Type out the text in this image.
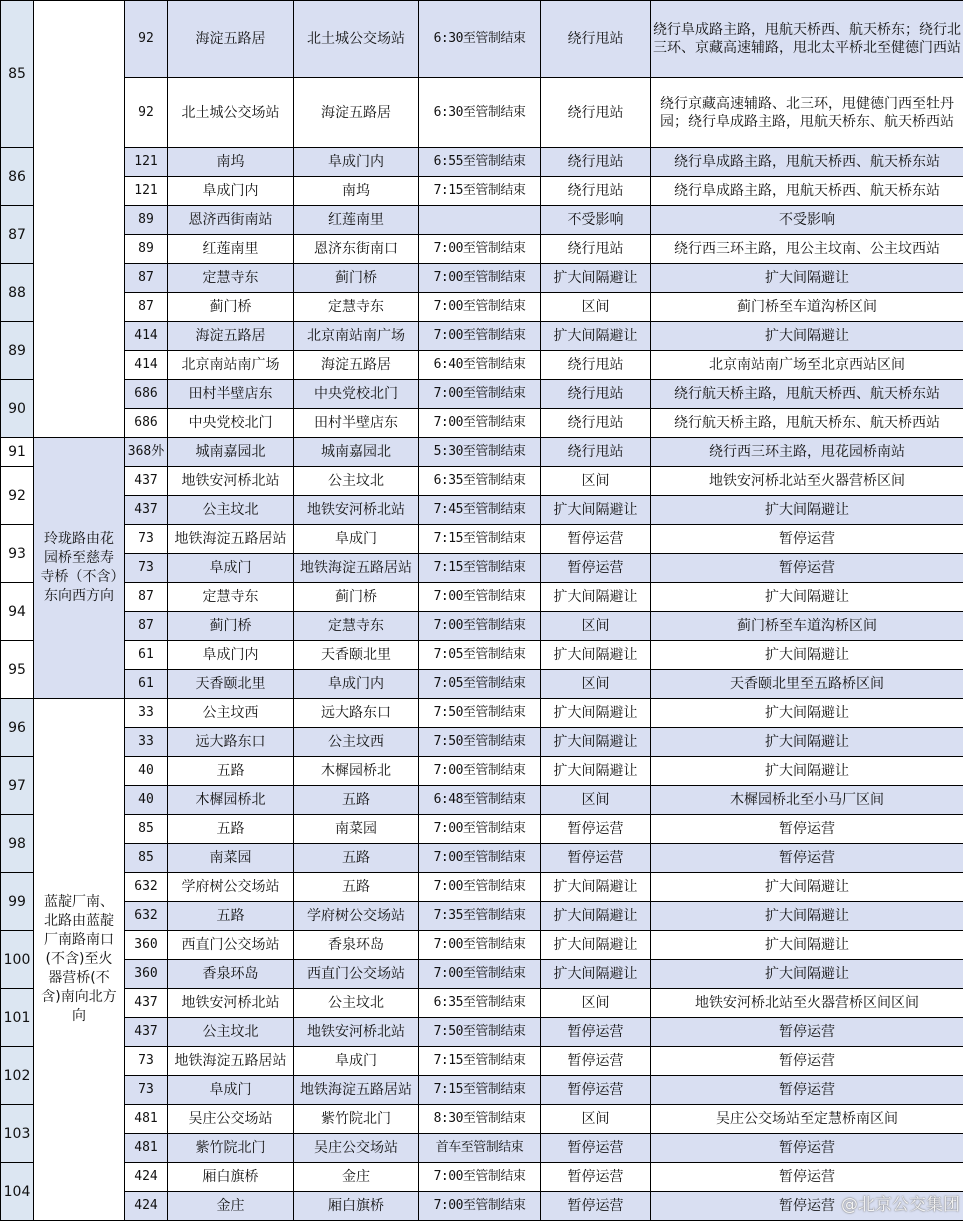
85		92	海淀五路居	北土城公交场站	6:30至管制结束	绕行甩站	绕行阜成路主路，甩航天桥西、航天桥东；绕行北三环、京藏高速辅路，甩北太平桥北至健德门西站
		92	北土城公交场站	海淀五路居	6:30至管制结束	绕行甩站	绕行京藏高速辅路、北三环，甩健德门西至牡丹园；绕行阜成路主路，甩航天桥东、航天桥西站
86		121	南坞	阜成门内	6:55至管制结束	绕行甩站	绕行阜成路主路，甩航天桥西、航天桥东站
		121	阜成门内	南坞	7:15至管制结束	绕行甩站	绕行阜成路主路，甩航天桥西、航天桥东站
87		89	恩济西街南站	红莲南里		不受影响	不受影响
		89	红莲南里	恩济东街南口	7:00至管制结束	绕行甩站	绕行西三环主路，甩公主坟南、公主坟西站
88		87	定慧寺东	蓟门桥	7:00至管制结束	扩大间隔避让	扩大间隔避让
		87	蓟门桥	定慧寺东	7:00至管制结束	区间	蓟门桥至车道沟桥区间
89		414	海淀五路居	北京南站南广场	7:00至管制结束	扩大间隔避让	扩大间隔避让
		414	北京南站南广场	海淀五路居	6:40至管制结束	绕行甩站	北京南站南广场至北京西站区间
90		686	田村半壁店东	中央党校北门	7:00至管制结束	绕行甩站	绕行航天桥主路，甩航天桥西、航天桥东站
		686	中央党校北门	田村半壁店东	7:00至管制结束	绕行甩站	绕行航天桥主路，甩航天桥东、航天桥西站
91	玲珑路由花园桥至慈寿寺桥（不含）东向西方向	368外	城南嘉园北	城南嘉园北	5:30至管制结束	绕行甩站	绕行西三环主路，甩花园桥南站
92		437	地铁安河桥北站	公主坟北	6:35至管制结束	区间	地铁安河桥北站至火器营桥区间
		437	公主坟北	地铁安河桥北站	7:45至管制结束	扩大间隔避让	扩大间隔避让
93		73	地铁海淀五路居站	阜成门	7:15至管制结束	暂停运营	暂停运营
		73	阜成门	地铁海淀五路居站	7:15至管制结束	暂停运营	暂停运营
94		87	定慧寺东	蓟门桥	7:00至管制结束	扩大间隔避让	扩大间隔避让
		87	蓟门桥	定慧寺东	7:00至管制结束	区间	蓟门桥至车道沟桥区间
95		61	阜成门内	天香颐北里	7:05至管制结束	扩大间隔避让	扩大间隔避让
		61	天香颐北里	阜成门内	7:05至管制结束	区间	天香颐北里至五路桥区间
96	蓝靛厂南、北路由蓝靛厂南路南口(不含)至火器营桥(不含)南向北方向	33	公主坟西	远大路东口	7:50至管制结束	扩大间隔避让	扩大间隔避让
		33	远大路东口	公主坟西	7:50至管制结束	扩大间隔避让	扩大间隔避让
97		40	五路	木樨园桥北	7:00至管制结束	扩大间隔避让	扩大间隔避让
		40	木樨园桥北	五路	6:48至管制结束	区间	木樨园桥北至小马厂区间
98		85	五路	南菜园	7:00至管制结束	暂停运营	暂停运营
		85	南菜园	五路	7:00至管制结束	暂停运营	暂停运营
99		632	学府树公交场站	五路	7:00至管制结束	扩大间隔避让	扩大间隔避让
		632	五路	学府树公交场站	7:35至管制结束	扩大间隔避让	扩大间隔避让
100		360	西直门公交场站	香泉环岛	7:00至管制结束	扩大间隔避让	扩大间隔避让
		360	香泉环岛	西直门公交场站	7:00至管制结束	扩大间隔避让	扩大间隔避让
101		437	地铁安河桥北站	公主坟北	6:35至管制结束	区间	地铁安河桥北站至火器营桥区间区间
		437	公主坟北	地铁安河桥北站	7:50至管制结束	暂停运营	暂停运营
102		73	地铁海淀五路居站	阜成门	7:15至管制结束	暂停运营	暂停运营
		73	阜成门	地铁海淀五路居站	7:15至管制结束	暂停运营	暂停运营
103		481	吴庄公交场站	紫竹院北门	8:30至管制结束	区间	吴庄公交场站至定慧桥南区间
		481	紫竹院北门	吴庄公交场站	首车至管制结束	暂停运营	暂停运营
104		424	厢白旗桥	金庄	7:00至管制结束	暂停运营	暂停运营
		424	金庄	厢白旗桥	7:00至管制结束	暂停运营	暂停运营 @北京公交集团
